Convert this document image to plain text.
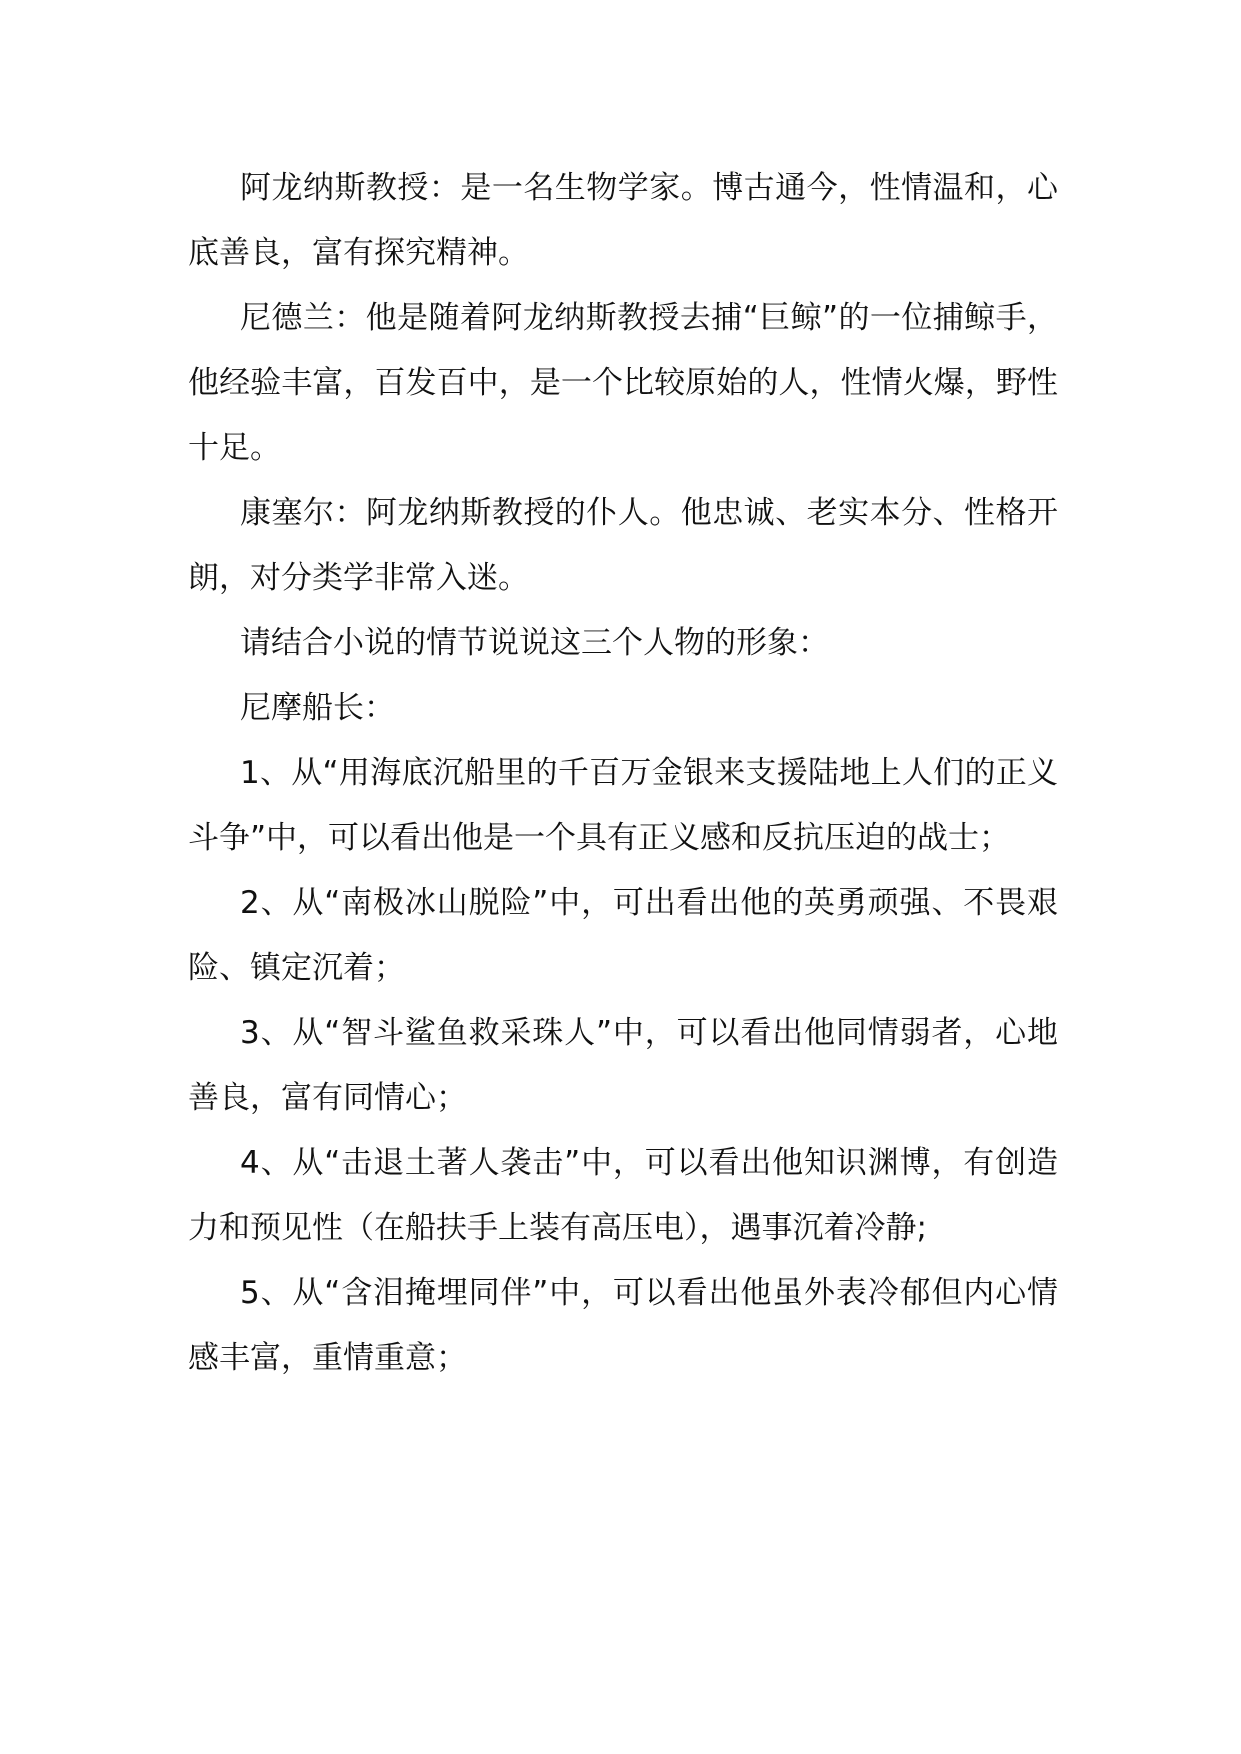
阿龙纳斯教授：是一名生物学家。博古通今，性情温和，心底善良，富有探究精神。

尼德兰：他是随着阿龙纳斯教授去捕“巨鲸”的一位捕鲸手，他经验丰富，百发百中，是一个比较原始的人，性情火爆，野性十足。

康塞尔：阿龙纳斯教授的仆人。他忠诚、老实本分、性格开朗，对分类学非常入迷。

请结合小说的情节说说这三个人物的形象：

尼摩船长：

1、从“用海底沉船里的千百万金银来支援陆地上人们的正义斗争”中，可以看出他是一个具有正义感和反抗压迫的战士；

2、从“南极冰山脱险”中，可出看出他的英勇顽强、不畏艰险、镇定沉着；

3、从“智斗鲨鱼救采珠人”中，可以看出他同情弱者，心地善良，富有同情心；

4、从“击退土著人袭击”中，可以看出他知识渊博，有创造力和预见性（在船扶手上装有高压电），遇事沉着冷静;

5、从“含泪掩埋同伴”中，可以看出他虽外表冷郁但内心情感丰富，重情重意；
